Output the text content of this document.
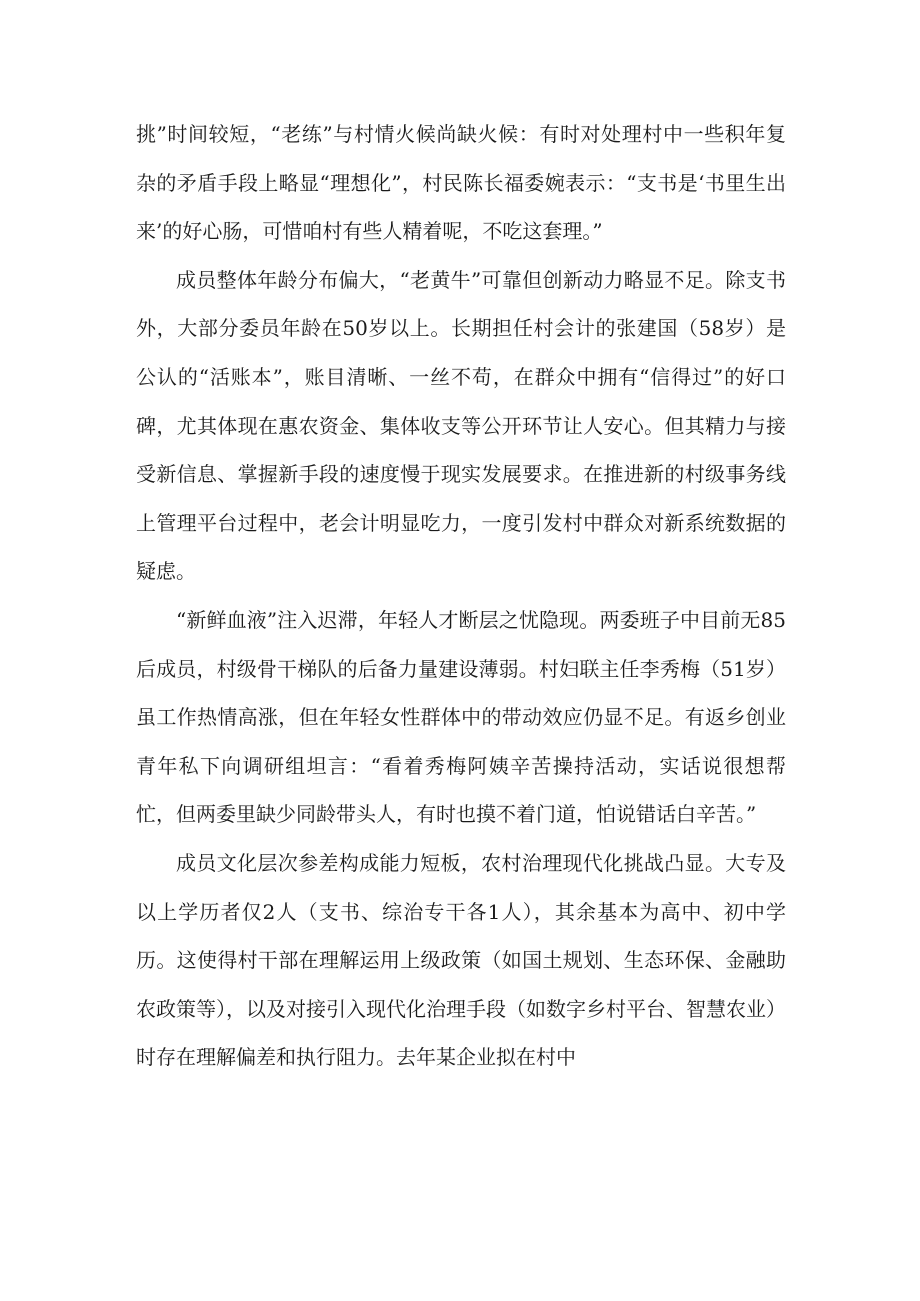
挑”时间较短，“老练”与村情火候尚缺火候：有时对处理村中一些积年复杂的矛盾手段上略显“理想化”，村民陈长福委婉表示：“支书是‘书里生出来’的好心肠，可惜咱村有些人精着呢，不吃这套理。”

成员整体年龄分布偏大，“老黄牛”可靠但创新动力略显不足。除支书外，大部分委员年龄在50岁以上。长期担任村会计的张建国（58岁）是公认的“活账本”，账目清晰、一丝不苟，在群众中拥有“信得过”的好口碑，尤其体现在惠农资金、集体收支等公开环节让人安心。但其精力与接受新信息、掌握新手段的速度慢于现实发展要求。在推进新的村级事务线上管理平台过程中，老会计明显吃力，一度引发村中群众对新系统数据的疑虑。

“新鲜血液”注入迟滞，年轻人才断层之忧隐现。两委班子中目前无85后成员，村级骨干梯队的后备力量建设薄弱。村妇联主任李秀梅（51岁）虽工作热情高涨，但在年轻女性群体中的带动效应仍显不足。有返乡创业青年私下向调研组坦言：“看着秀梅阿姨辛苦操持活动，实话说很想帮忙，但两委里缺少同龄带头人，有时也摸不着门道，怕说错话白辛苦。”

成员文化层次参差构成能力短板，农村治理现代化挑战凸显。大专及以上学历者仅2人（支书、综治专干各1人），其余基本为高中、初中学历。这使得村干部在理解运用上级政策（如国土规划、生态环保、金融助农政策等），以及对接引入现代化治理手段（如数字乡村平台、智慧农业）时存在理解偏差和执行阻力。去年某企业拟在村中
